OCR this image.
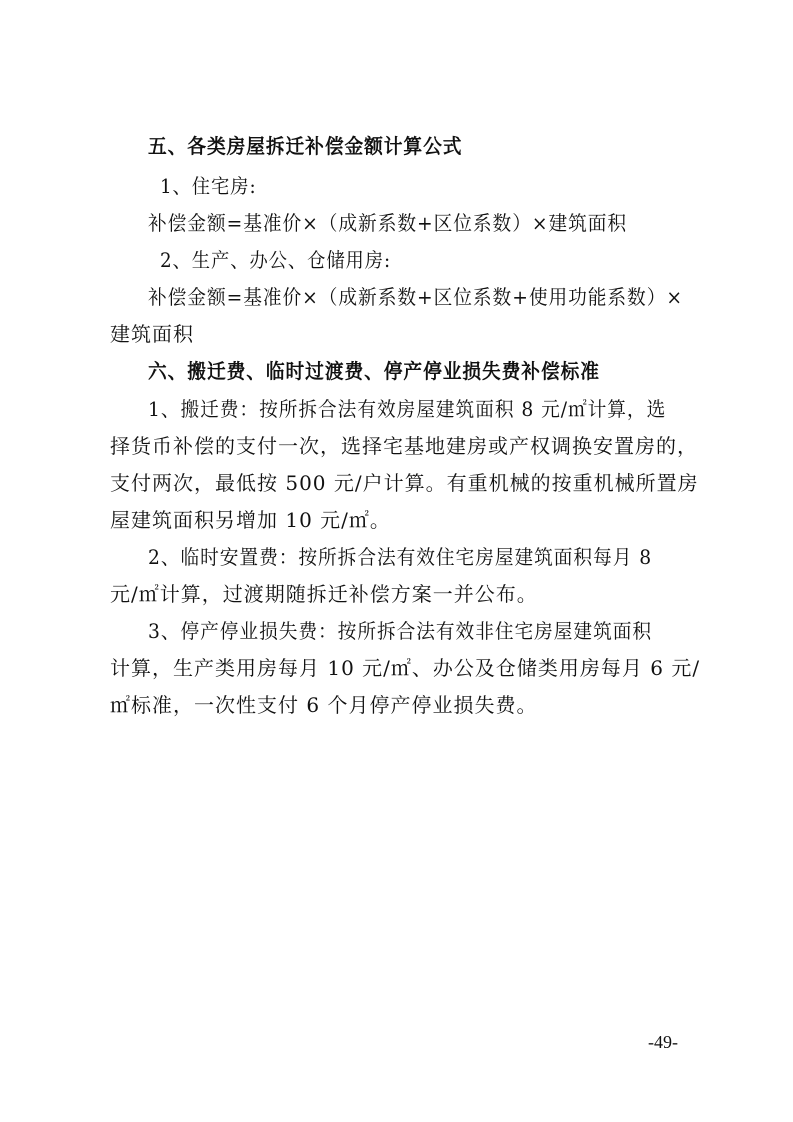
五、各类房屋拆迁补偿金额计算公式
1、住宅房:
补偿金额=基准价×（成新系数+区位系数）×建筑面积
2、生产、办公、仓储用房:
补偿金额=基准价×（成新系数+区位系数+使用功能系数）×
建筑面积
六、搬迁费、临时过渡费、停产停业损失费补偿标准
1、搬迁费：按所拆合法有效房屋建筑面积 8 元/㎡计算，选
择货币补偿的支付一次，选择宅基地建房或产权调换安置房的，
支付两次，最低按 500 元/户计算。有重机械的按重机械所置房
屋建筑面积另增加 10 元/㎡。
2、临时安置费：按所拆合法有效住宅房屋建筑面积每月 8
元/㎡计算，过渡期随拆迁补偿方案一并公布。
3、停产停业损失费：按所拆合法有效非住宅房屋建筑面积
计算，生产类用房每月 10 元/㎡、办公及仓储类用房每月 6 元/
㎡标准，一次性支付 6 个月停产停业损失费。
-49-
